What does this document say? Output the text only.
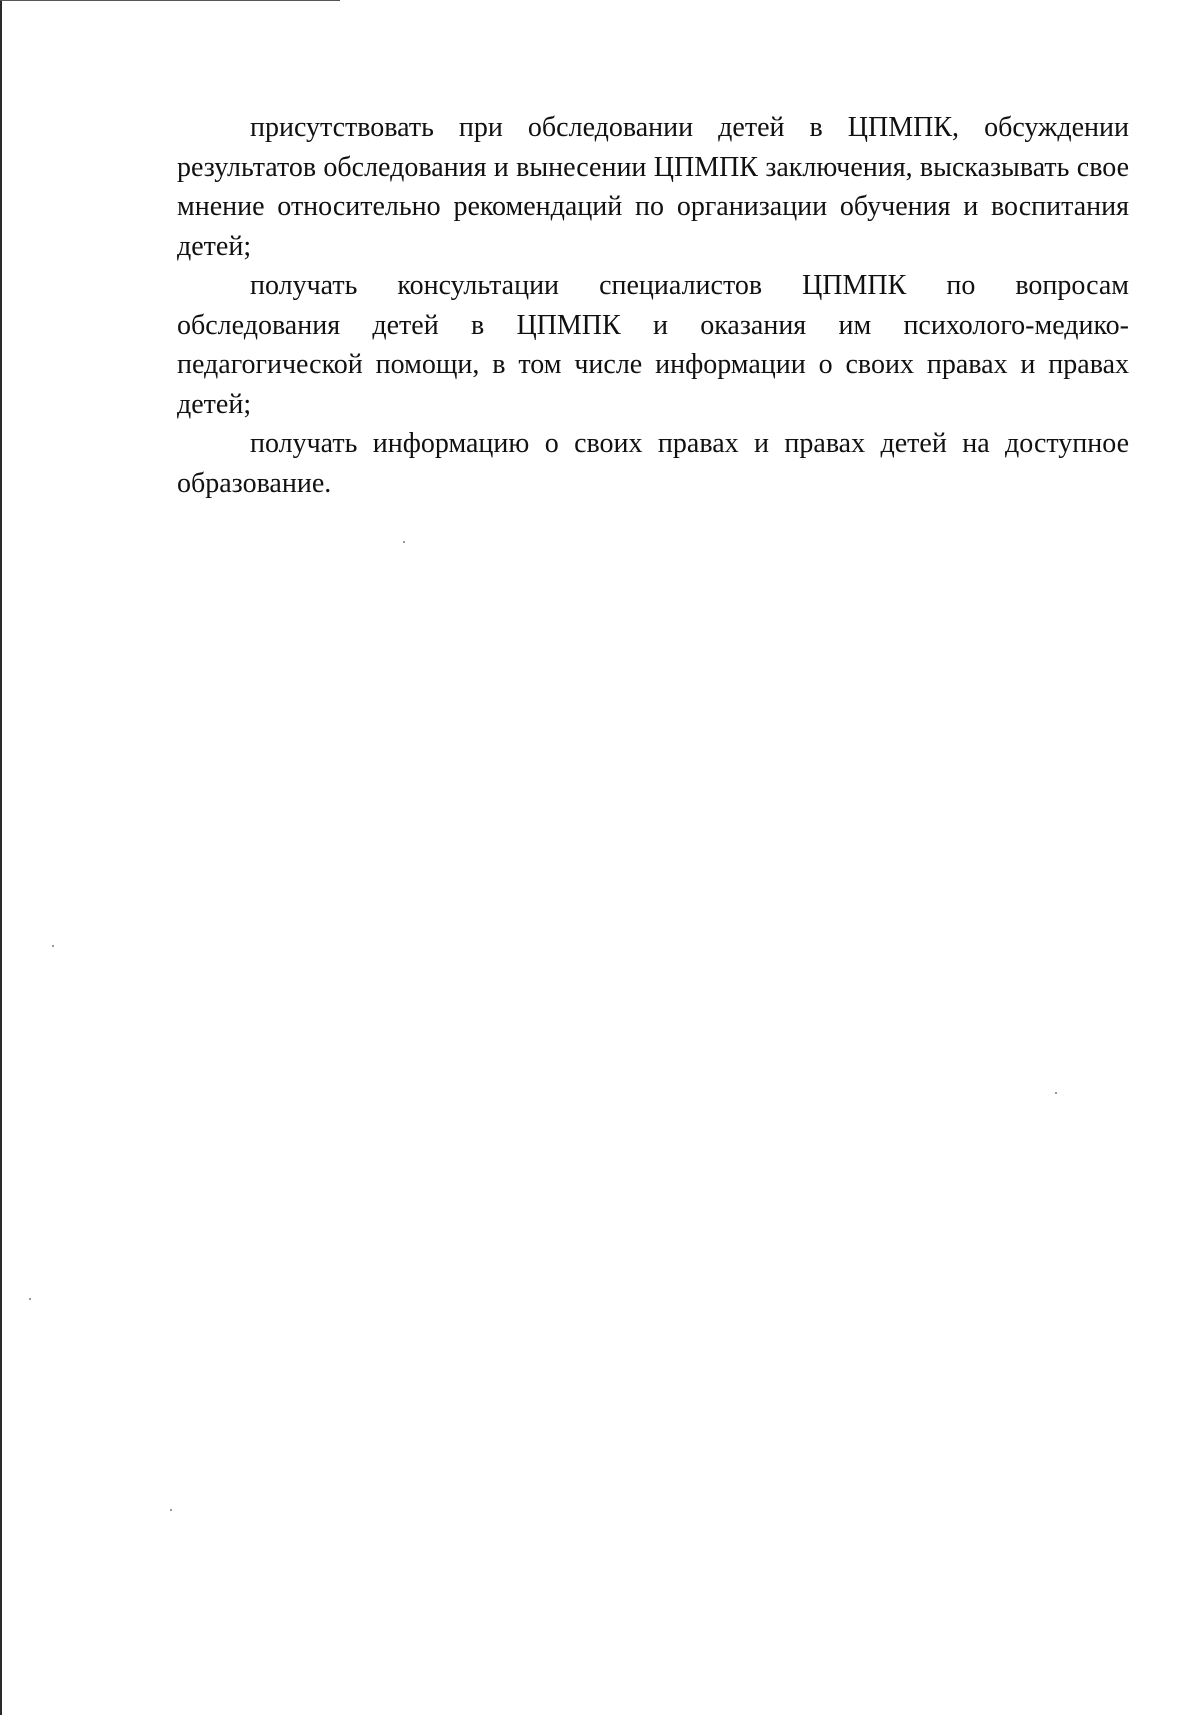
присутствовать при обследовании детей в ЦПМПК, обсуждении результатов обследования и вынесении ЦПМПК заключения, высказывать свое мнение относительно рекомендаций по организации обучения и воспитания детей;

получать консультации специалистов ЦПМПК по вопросам обследования детей в ЦПМПК и оказания им психолого-медико-педагогической помощи, в том числе информации о своих правах и правах детей;

получать информацию о своих правах и правах детей на доступное образование.
